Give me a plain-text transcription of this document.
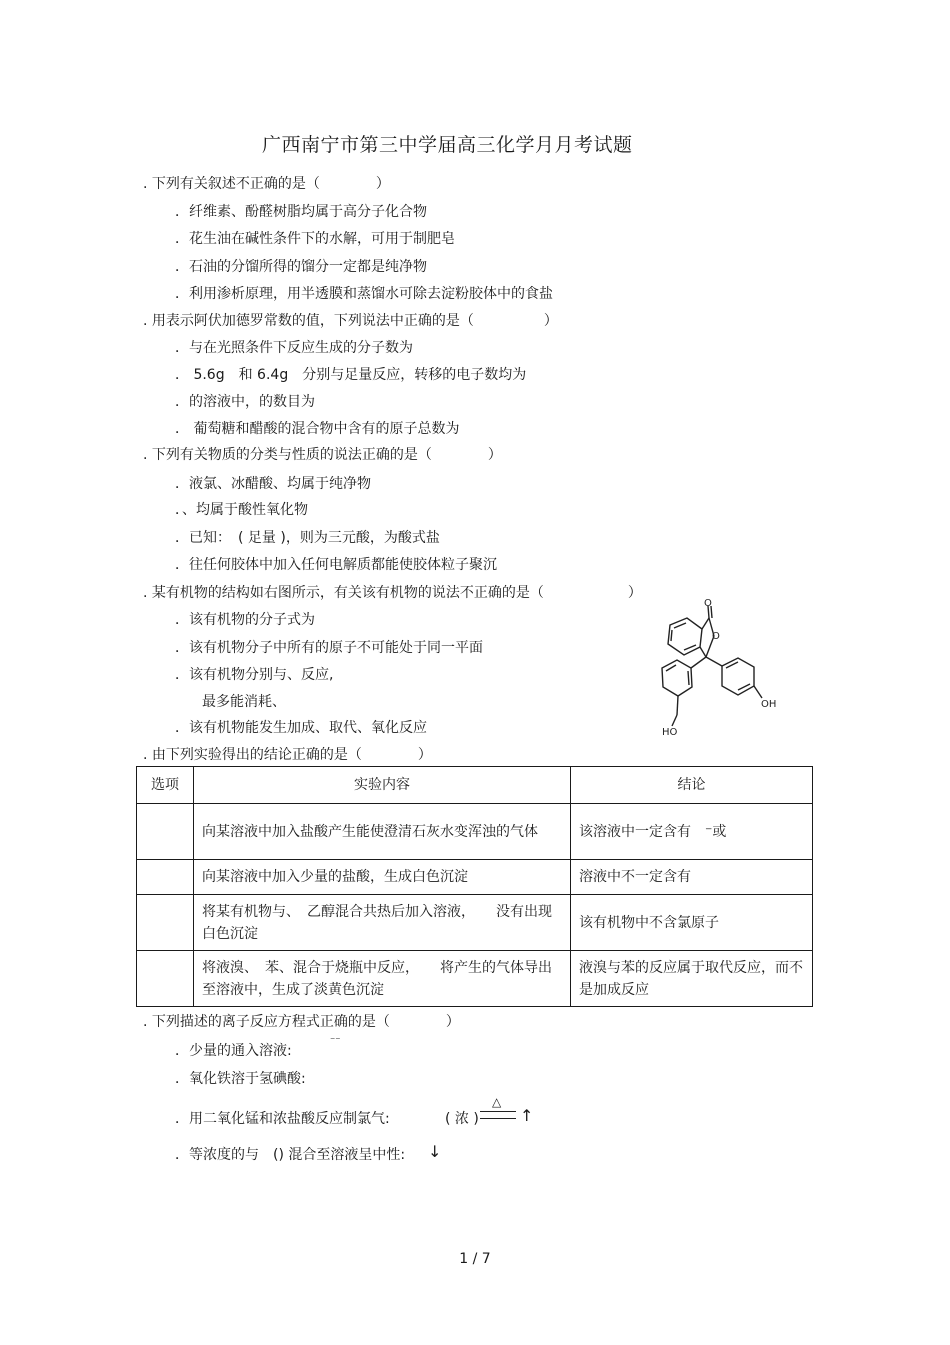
广西南宁市第三中学届高三化学月月考试题
. 下列有关叙述不正确的是（　　　　）
．纤维素、酚醛树脂均属于高分子化合物
．花生油在碱性条件下的水解，可用于制肥皂
．石油的分馏所得的馏分一定都是纯净物
．利用渗析原理，用半透膜和蒸馏水可除去淀粉胶体中的食盐
. 用表示阿伏加德罗常数的值，下列说法中正确的是（　　　　　）
．与在光照条件下反应生成的分子数为
． 5.6g　和 6.4g　分别与足量反应，转移的电子数均为
．的溶液中，的数目为
． 葡萄糖和醋酸的混合物中含有的原子总数为
. 下列有关物质的分类与性质的说法正确的是（　　　　）
．液氯、冰醋酸、均属于纯净物
．、均属于酸性氧化物
．已知：　( 足量 )，则为三元酸，为酸式盐
．往任何胶体中加入任何电解质都能使胶体粒子聚沉
. 某有机物的结构如右图所示，有关该有机物的说法不正确的是（　　　　　　）
．该有机物的分子式为
．该有机物分子中所有的原子不可能处于同一平面
．该有机物分别与、反应,
最多能消耗、
．该有机物能发生加成、取代、氧化反应
O
O
OH
HO
. 由下列实验得出的结论正确的是（　　　　）
选项	实验内容	结论
	向某溶液中加入盐酸产生能使澄清石灰水变浑浊的气体	该溶液中一定含有　⁻或
	向某溶液中加入少量的盐酸，生成白色沉淀	溶液中不一定含有
	将某有机物与、　乙醇混合共热后加入溶液，　　没有出现白色沉淀	该有机物中不含氯原子
	将液溴、　苯、混合于烧瓶中反应，　　将产生的气体导出至溶液中，生成了淡黄色沉淀	液溴与苯的反应属于取代反应，而不是加成反应
. 下列描述的离子反应方程式正确的是（　　　　）
．少量的通入溶液:
⁻⁻
．氧化铁溶于氢碘酸:
．用二氧化锰和浓盐酸反应制氯气:	( 浓 )
△
↑
．等浓度的与　() 混合至溶液呈中性: ↓
1 / 7
